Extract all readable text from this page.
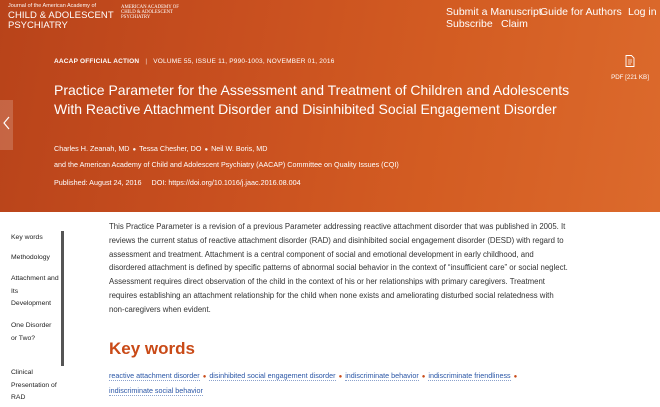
Journal of the American Academy of
CHILD & ADOLESCENT
PSYCHIATRY
AMERICAN ACADEMY OF
CHILD & ADOLESCENT
PSYCHIATRY	Submit a Manuscript
Guide for Authors Log in
Subscribe Claim
AACAP OFFICIAL ACTION | VOLUME 55, ISSUE 11, P990-1003, NOVEMBER 01, 2016
PDF [221 KB]
Practice Parameter for the Assessment and Treatment of Children and Adolescents With Reactive Attachment Disorder and Disinhibited Social Engagement Disorder
Charles H. Zeanah, MD ● Tessa Chesher, DO ● Neil W. Boris, MD
and the American Academy of Child and Adolescent Psychiatry (AACAP) Committee on Quality Issues (CQI)
Published: August 24, 2016 DOI: https://doi.org/10.1016/j.jaac.2016.08.004
Key words
Methodology
Attachment and Its Development
One Disorder or Two?
Clinical Presentation of RAD

This Practice Parameter is a revision of a previous Parameter addressing reactive attachment disorder that was published in 2005. It reviews the current status of reactive attachment disorder (RAD) and disinhibited social engagement disorder (DESD) with regard to assessment and treatment. Attachment is a central component of social and emotional development in early childhood, and disordered attachment is defined by specific patterns of abnormal social behavior in the context of “insufficient care” or social neglect. Assessment requires direct observation of the child in the context of his or her relationships with primary caregivers. Treatment requires establishing an attachment relationship for the child when none exists and ameliorating disturbed social relatedness with non-caregivers when evident.

Key words
reactive attachment disorder ● disinhibited social engagement disorder ● indiscriminate behavior ● indiscriminate friendliness ●
indiscriminate social behavior
